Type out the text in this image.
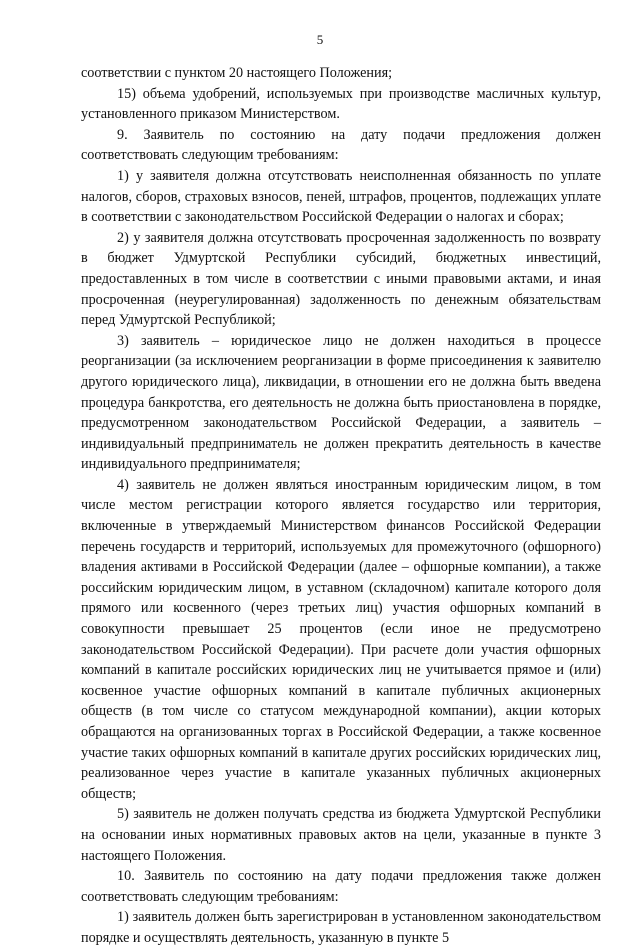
5

соответствии с пунктом 20 настоящего Положения;

15) объема удобрений, используемых при производстве масличных культур, установленного приказом Министерством.

9. Заявитель по состоянию на дату подачи предложения должен соответствовать следующим требованиям:

1) у заявителя должна отсутствовать неисполненная обязанность по уплате налогов, сборов, страховых взносов, пеней, штрафов, процентов, подлежащих уплате в соответствии с законодательством Российской Федерации о налогах и сборах;

2) у заявителя должна отсутствовать просроченная задолженность по возврату в бюджет Удмуртской Республики субсидий, бюджетных инвестиций, предоставленных в том числе в соответствии с иными правовыми актами, и иная просроченная (неурегулированная) задолженность по денежным обязательствам перед Удмуртской Республикой;

3) заявитель – юридическое лицо не должен находиться в процессе реорганизации (за исключением реорганизации в форме присоединения к заявителю другого юридического лица), ликвидации, в отношении его не должна быть введена процедура банкротства, его деятельность не должна быть приостановлена в порядке, предусмотренном законодательством Российской Федерации, а заявитель – индивидуальный предприниматель не должен прекратить деятельность в качестве индивидуального предпринимателя;

4) заявитель не должен являться иностранным юридическим лицом, в том числе местом регистрации которого является государство или территория, включенные в утверждаемый Министерством финансов Российской Федерации перечень государств и территорий, используемых для промежуточного (офшорного) владения активами в Российской Федерации (далее – офшорные компании), а также российским юридическим лицом, в уставном (складочном) капитале которого доля прямого или косвенного (через третьих лиц) участия офшорных компаний в совокупности превышает 25 процентов (если иное не предусмотрено законодательством Российской Федерации). При расчете доли участия офшорных компаний в капитале российских юридических лиц не учитывается прямое и (или) косвенное участие офшорных компаний в капитале публичных акционерных обществ (в том числе со статусом международной компании), акции которых обращаются на организованных торгах в Российской Федерации, а также косвенное участие таких офшорных компаний в капитале других российских юридических лиц, реализованное через участие в капитале указанных публичных акционерных обществ;

5) заявитель не должен получать средства из бюджета Удмуртской Республики на основании иных нормативных правовых актов на цели, указанные в пункте 3 настоящего Положения.

10. Заявитель по состоянию на дату подачи предложения также должен соответствовать следующим требованиям:

1) заявитель должен быть зарегистрирован в установленном законодательством порядке и осуществлять деятельность, указанную в пункте 5
